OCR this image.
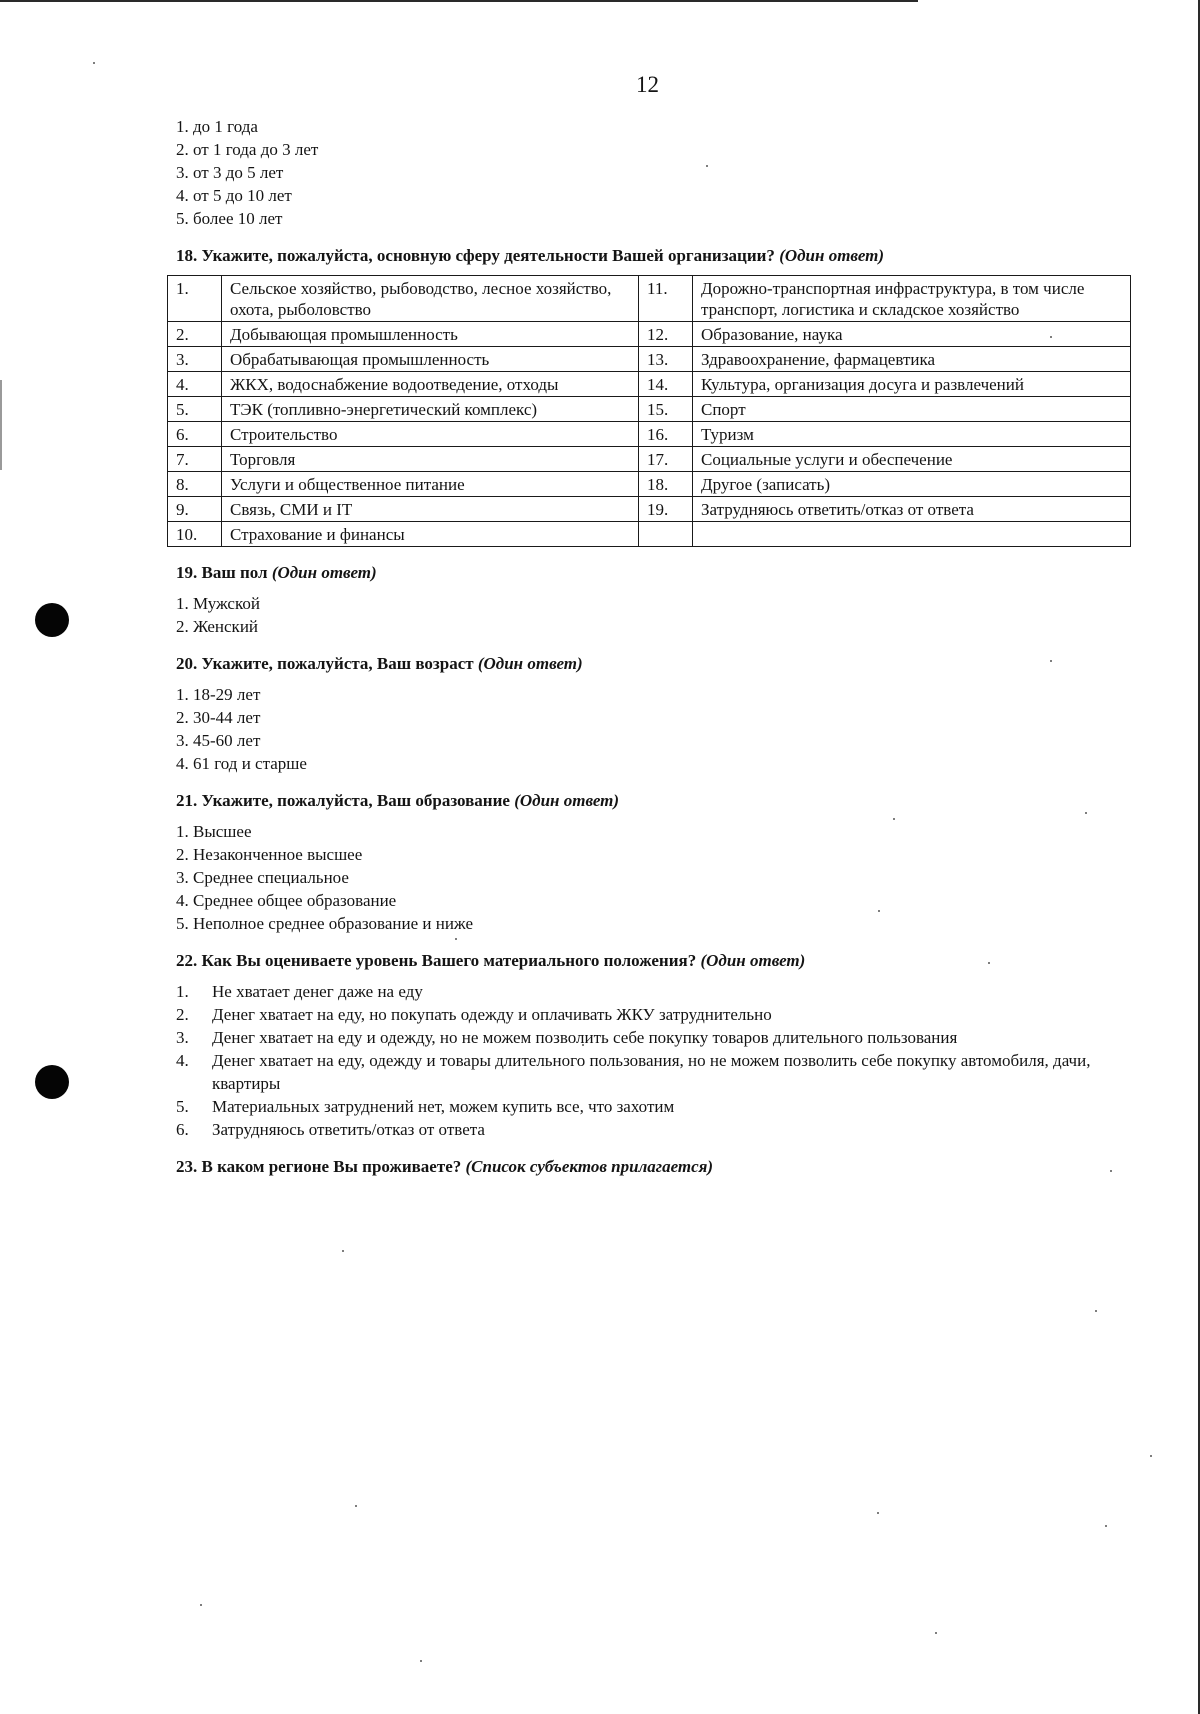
12
1. до 1 года
2. от 1 года до 3 лет
3. от 3 до 5 лет
4. от 5 до 10 лет
5. более 10 лет
18. Укажите, пожалуйста, основную сферу деятельности Вашей организации? (Один ответ)
1.	Сельское хозяйство, рыбоводство, лесное хозяйство, охота, рыболовство	11.	Дорожно-транспортная инфраструктура, в том числе транспорт, логистика и складское хозяйство
2.	Добывающая промышленность	12.	Образование, наука
3.	Обрабатывающая промышленность	13.	Здравоохранение, фармацевтика
4.	ЖКХ, водоснабжение водоотведение, отходы	14.	Культура, организация досуга и развлечений
5.	ТЭК (топливно-энергетический комплекс)	15.	Спорт
6.	Строительство	16.	Туризм
7.	Торговля	17.	Социальные услуги и обеспечение
8.	Услуги и общественное питание	18.	Другое (записать)
9.	Связь, СМИ и IT	19.	Затрудняюсь ответить/отказ от ответа
10.	Страхование и финансы		
19. Ваш пол (Один ответ)
1. Мужской
2. Женский
20. Укажите, пожалуйста, Ваш возраст (Один ответ)
1. 18-29 лет
2. 30-44 лет
3. 45-60 лет
4. 61 год и старше
21. Укажите, пожалуйста, Ваш образование (Один ответ)
1. Высшее
2. Незаконченное высшее
3. Среднее специальное
4. Среднее общее образование
5. Неполное среднее образование и ниже
22. Как Вы оцениваете уровень Вашего материального положения? (Один ответ)
1.	Не хватает денег даже на еду
2.	Денег хватает на еду, но покупать одежду и оплачивать ЖКУ затруднительно
3.	Денег хватает на еду и одежду, но не можем позволить себе покупку товаров длительного пользования
4.	Денег хватает на еду, одежду и товары длительного пользования, но не можем позволить себе покупку автомобиля, дачи, квартиры
5.	Материальных затруднений нет, можем купить все, что захотим
6.	Затрудняюсь ответить/отказ от ответа
23. В каком регионе Вы проживаете? (Список субъектов прилагается)
